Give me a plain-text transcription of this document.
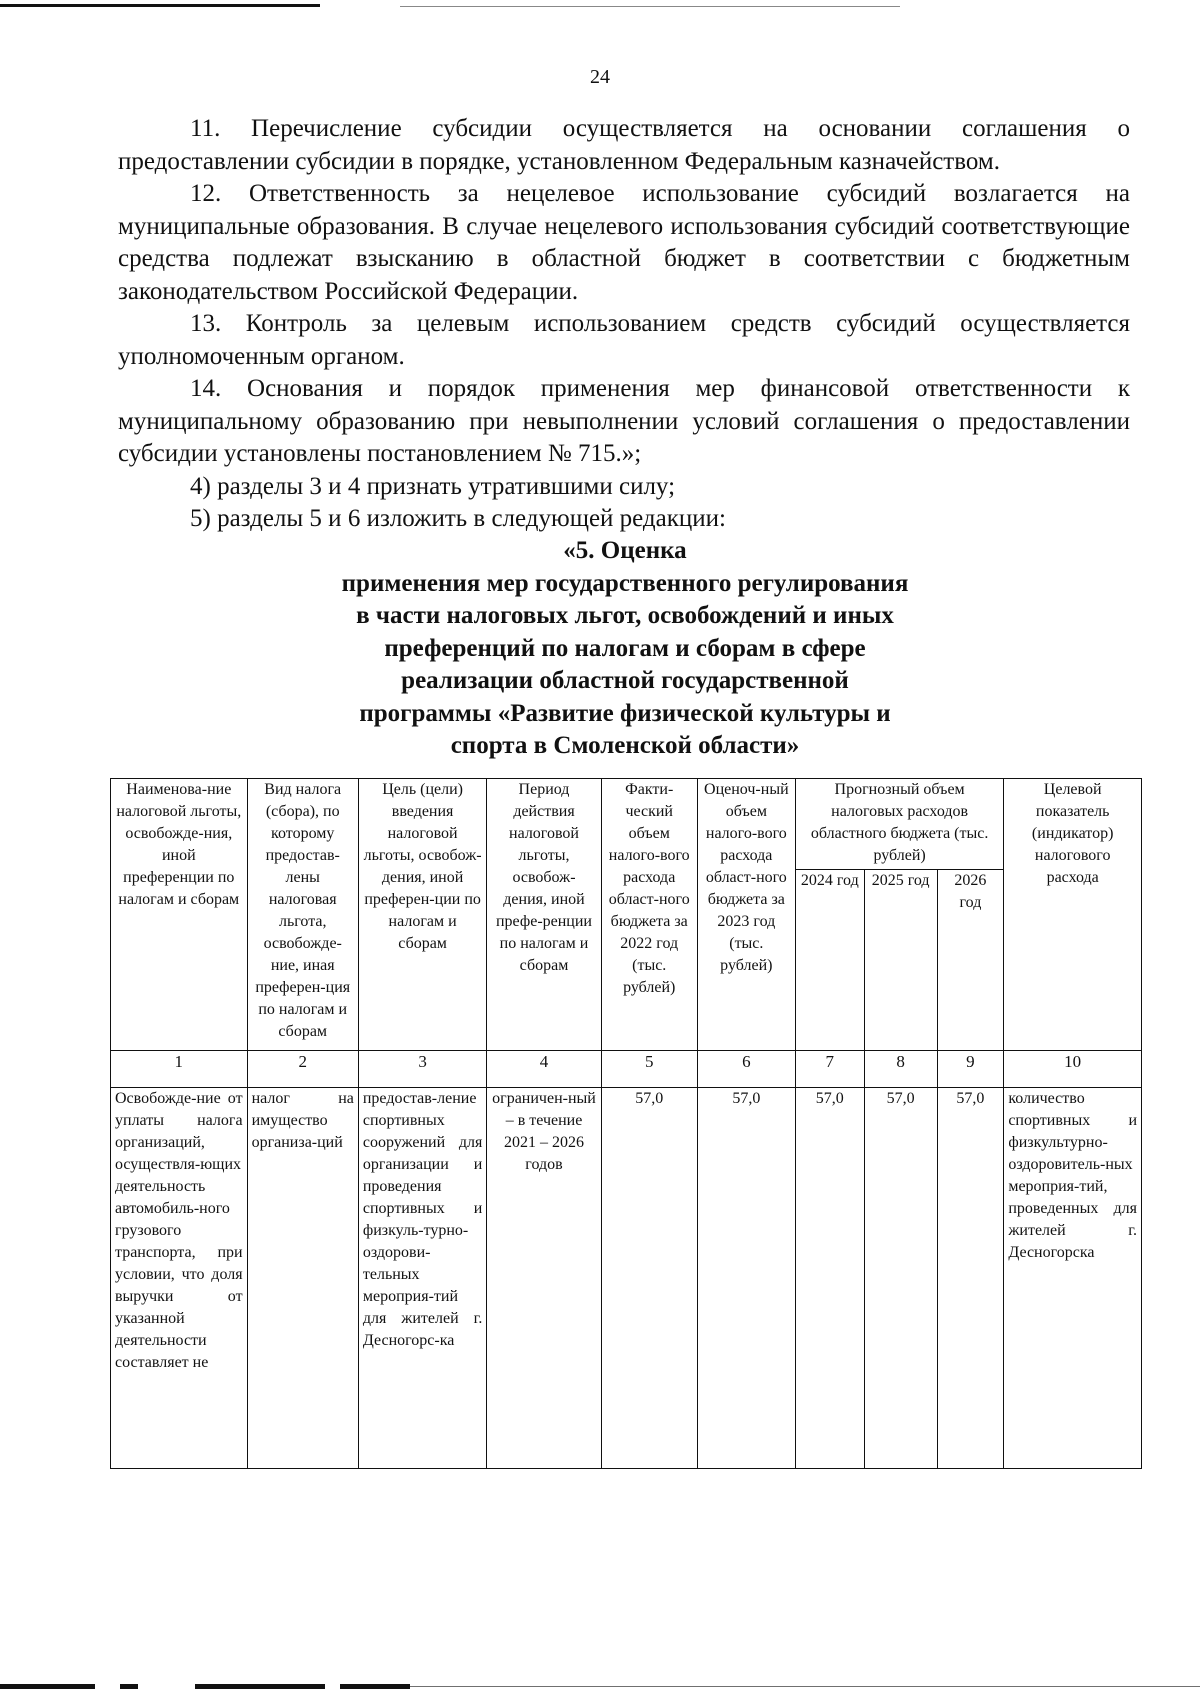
24

11. Перечисление субсидии осуществляется на основании соглашения о предоставлении субсидии в порядке, установленном Федеральным казначейством.

12. Ответственность за нецелевое использование субсидий возлагается на муниципальные образования. В случае нецелевого использования субсидий соответствующие средства подлежат взысканию в областной бюджет в соответствии с бюджетным законодательством Российской Федерации.

13. Контроль за целевым использованием средств субсидий осуществляется уполномоченным органом.

14. Основания и порядок применения мер финансовой ответственности к муниципальному образованию при невыполнении условий соглашения о предоставлении субсидии установлены постановлением № 715.»;

4) разделы 3 и 4 признать утратившими силу;

5) разделы 5 и 6 изложить в следующей редакции:

«5. Оценка
применения мер государственного регулирования
в части налоговых льгот, освобождений и иных
преференций по налогам и сборам в сфере
реализации областной государственной
программы «Развитие физической культуры и
спорта в Смоленской области»
Наименова-ние налоговой льготы, освобожде-ния, иной преференции по налогам и сборам	Вид налога (сбора), по которому предостав-лены налоговая льгота, освобожде-ние, иная преферен-ция по налогам и сборам	Цель (цели) введения налоговой льготы, освобож-дения, иной преферен-ции по налогам и сборам	Период действия налоговой льготы, освобож-дения, иной префе-ренции по налогам и сборам	Факти-ческий объем налого-вого расхода област-ного бюджета за 2022 год (тыс. рублей)	Оценоч-ный объем налого-вого расхода област-ного бюджета за 2023 год (тыс. рублей)	Прогнозный объем налоговых расходов областного бюджета (тыс. рублей)			Целевой показатель (индикатор) налогового расхода
						2024 год	2025 год	2026 год	
1	2	3	4	5	6	7	8	9	10
Освобожде-ние от уплаты налога организаций, осуществля-ющих деятельность автомобиль-ного грузового транспорта, при условии, что доля выручки от указанной деятельности составляет не	налог на имущество организа-ций	предостав-ление спортивных сооружений для организации и проведения спортивных и физкуль-турно-оздорови-тельных мероприя-тий для жителей г. Десногорс-ка	ограничен-ный – в течение 2021 – 2026 годов	57,0	57,0	57,0	57,0	57,0	количество спортивных и физкультурно-оздоровитель-ных мероприя-тий, проведенных для жителей г. Десногорска
